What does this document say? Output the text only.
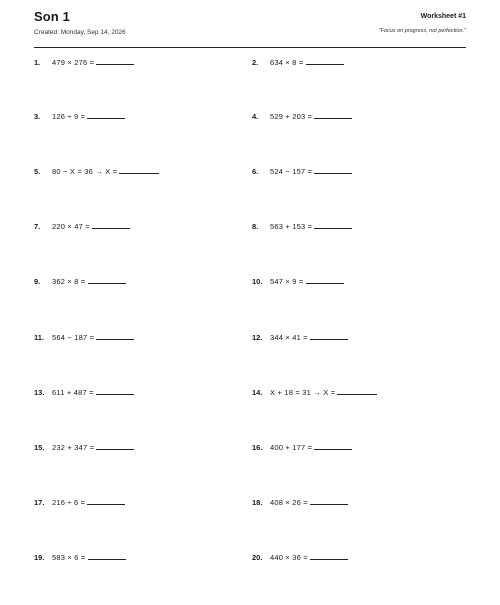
Son 1
Created: Monday, Sep 14, 2026
Worksheet #1
"Focus on progress, not perfection."
1.	479 × 276 =	2.	634 × 8 =
3.	126 ÷ 9 =	4.	529 + 203 =
5.	80 − X = 36 → X =	6.	524 − 157 =
7.	220 × 47 =	8.	563 + 153 =
9.	362 × 8 =	10.	547 × 9 =
11.	564 − 187 =	12.	344 × 41 =
13.	611 + 487 =	14.	X + 18 = 31 → X =
15.	232 + 347 =	16.	400 + 177 =
17.	216 ÷ 6 =	18.	408 × 26 =
19.	583 × 6 =	20.	440 × 36 =
